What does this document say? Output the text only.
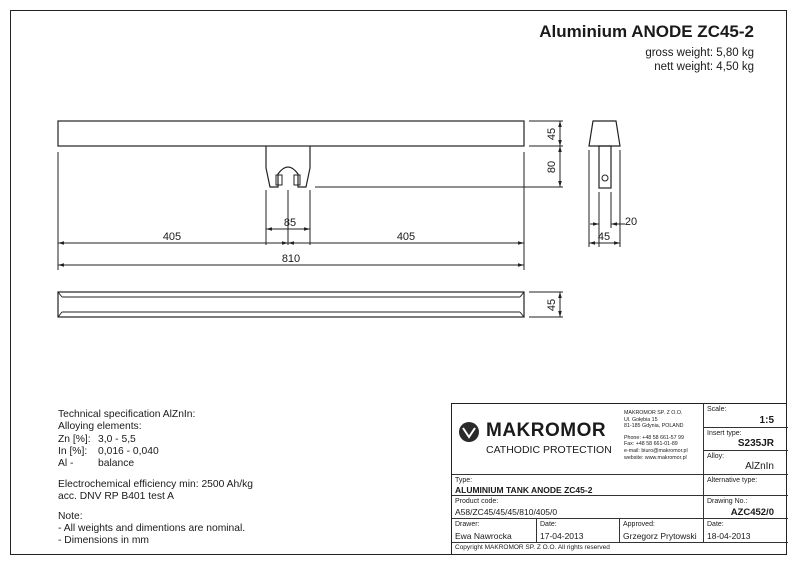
Aluminium ANODE ZC45-2
gross weight: 5,80 kg
nett weight: 4,50 kg
45
80
85
405	405
810
20
45
45
Technical specification AlZnIn:
Alloying elements:
Zn [%]: 3,0 - 5,5
In [%]: 0,016 - 0,040
Al - balance
Electrochemical efficiency min: 2500 Ah/kg
acc. DNV RP B401 test A
Note:
- All weights and dimentions are nominal.
- Dimensions in mm
MAKROMOR
CATHODIC PROTECTION
MAKROMOR SP. Z O.O.
Ul. Gołębia 15
81-185 Gdynia, POLAND
Phone: +48 58 661-57 99
Fax: +48 58 661-01-89
e-mail: biuro@makromor.pl
website: www.makromor.pl
Scale:
1:5
Insert type:
S235JR
Alloy:
AlZnIn
Type:
ALUMINIUM TANK ANODE ZC45-2
Alternative type:
Product code:
A58/ZC45/45/45/810/405/0
Drawing No.:
AZC452/0
Drawer:
Ewa Nawrocka
Date:
17-04-2013
Approved:
Grzegorz Prytowski
Date:
18-04-2013
Copyright MAKROMOR SP. Z O.O. All rights reserved
